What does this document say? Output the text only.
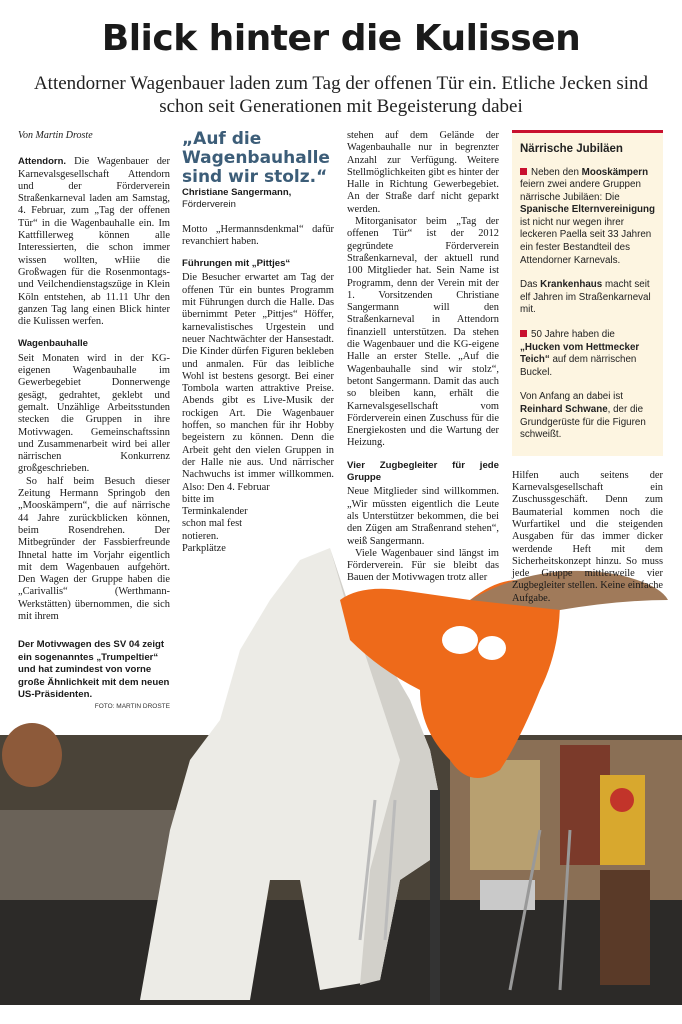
Blick hinter die Kulissen

Attendorner Wagenbauer laden zum Tag der offenen Tür ein. Etliche Jecken sind schon seit Generationen mit Begeisterung dabei

Von Martin Droste

Attendorn. Die Wagenbauer der Karnevalsgesellschaft Attendorn und der Förderverein Straßenkarneval laden am Samstag, 4. Februar, zum „Tag der offenen Tür“ in die Wagenbauhalle ein. Im Kattfillerweg können alle Interessierten, die schon immer wissen wollten, wHiie die Großwagen für die Rosenmontags- und Veilchendienstagszüge in Klein Köln entstehen, ab 11.11 Uhr den ganzen Tag lang einen Blick hinter die Kulissen werfen.

Wagenbauhalle

Seit Monaten wird in der KG-eigenen Wagenbauhalle im Gewerbegebiet Donnerwenge gesägt, gedrahtet, geklebt und gemalt. Unzählige Arbeitsstunden stecken die Gruppen in ihre Motivwagen. Gemeinschaftssinn und Zusammenarbeit wird bei aller närrischen Konkurrenz großgeschrieben.

So half beim Besuch dieser Zeitung Hermann Springob den „Mooskämpern“, die auf närrische 44 Jahre zurückblicken können, beim Rosendrehen. Der Mitbegründer der Fassbierfreunde Ihnetal hatte im Vorjahr eigentlich mit dem Wagenbauen aufgehört. Den Wagen der Gruppe haben die „Carivallis“ (Werthmann-Werkstätten) übernommen, die sich mit ihrem

Der Motivwagen des SV 04 zeigt ein sogenanntes „Trumpeltier“ und hat zumindest von vorne große Ähnlichkeit mit dem neuen US-Präsidenten.
FOTO: MARTIN DROSTE

„Auf die Wagenbauhalle sind wir stolz.“

Christiane Sangermann, Förderverein

Motto „Hermannsdenkmal“ dafür revanchiert haben.

Führungen mit „Pittjes“

Die Besucher erwartet am Tag der offenen Tür ein buntes Programm mit Führungen durch die Halle. Das übernimmt Peter „Pittjes“ Höffer, karnevalistisches Urgestein und neuer Nachtwächter der Hansestadt. Die Kinder dürfen Figuren bekleben und anmalen. Für das leibliche Wohl ist bestens gesorgt. Bei einer Tombola warten attraktive Preise. Abends gibt es Live-Musik der rockigen Art. Die Wagenbauer hoffen, so manchen für ihr Hobby begeistern zu können. Denn die Arbeit geht den vielen Gruppen in der Halle nie aus. Und närrischer Nachwuchs ist immer willkommen. Also: Den 4. Februar

bitte im Terminkalender schon mal fest notieren. Parkplätze

stehen auf dem Gelände der Wagenbauhalle nur in begrenzter Anzahl zur Verfügung. Weitere Stellmöglichkeiten gibt es hinter der Halle in Richtung Gewerbegebiet. An der Straße darf nicht geparkt werden.

Mitorganisator beim „Tag der offenen Tür“ ist der 2012 gegründete Förderverein Straßenkarneval, der aktuell rund 100 Mitglieder hat. Sein Name ist Programm, denn der Verein mit der 1. Vorsitzenden Christiane Sangermann will den Straßenkarneval in Attendorn finanziell unterstützen. Da stehen die Wagenbauer und die KG-eigene Halle an erster Stelle. „Auf die Wagenbauhalle sind wir stolz“, betont Sangermann. Damit das auch so bleiben kann, erhält die Karnevalsgesellschaft vom Förderverein einen Zuschuss für die Energiekosten und die Wartung der Heizung.

Vier Zugbegleiter für jede Gruppe

Neue Mitglieder sind willkommen. „Wir müssten eigentlich die Leute als Unterstützer bekommen, die bei den Zügen am Straßenrand stehen“, weiß Sangermann.

Viele Wagenbauer sind längst im Förderverein. Für sie bleibt das Bauen der Motivwagen trotz aller

Närrische Jubiläen

Neben den Mooskämpern feiern zwei andere Gruppen närrische Jubiläen: Die Spanische Elternvereinigung ist nicht nur wegen ihrer leckeren Paella seit 33 Jahren ein fester Bestandteil des Attendorner Karnevals.

Das Krankenhaus macht seit elf Jahren im Straßenkarneval mit.

50 Jahre haben die „Hucken vom Hettmecker Teich“ auf dem närrischen Buckel.

Von Anfang an dabei ist Reinhard Schwane, der die Grundgerüste für die Figuren schweißt.

Hilfen auch seitens der Karnevalsgesellschaft ein Zuschussgeschäft. Denn zum Baumaterial kommen noch die Wurfartikel und die steigenden Ausgaben für das immer dicker werdende Heft mit dem Sicherheitskonzept hinzu. So muss jede Gruppe mittlerweile vier Zugbegleiter stellen. Keine einfache Aufgabe.
